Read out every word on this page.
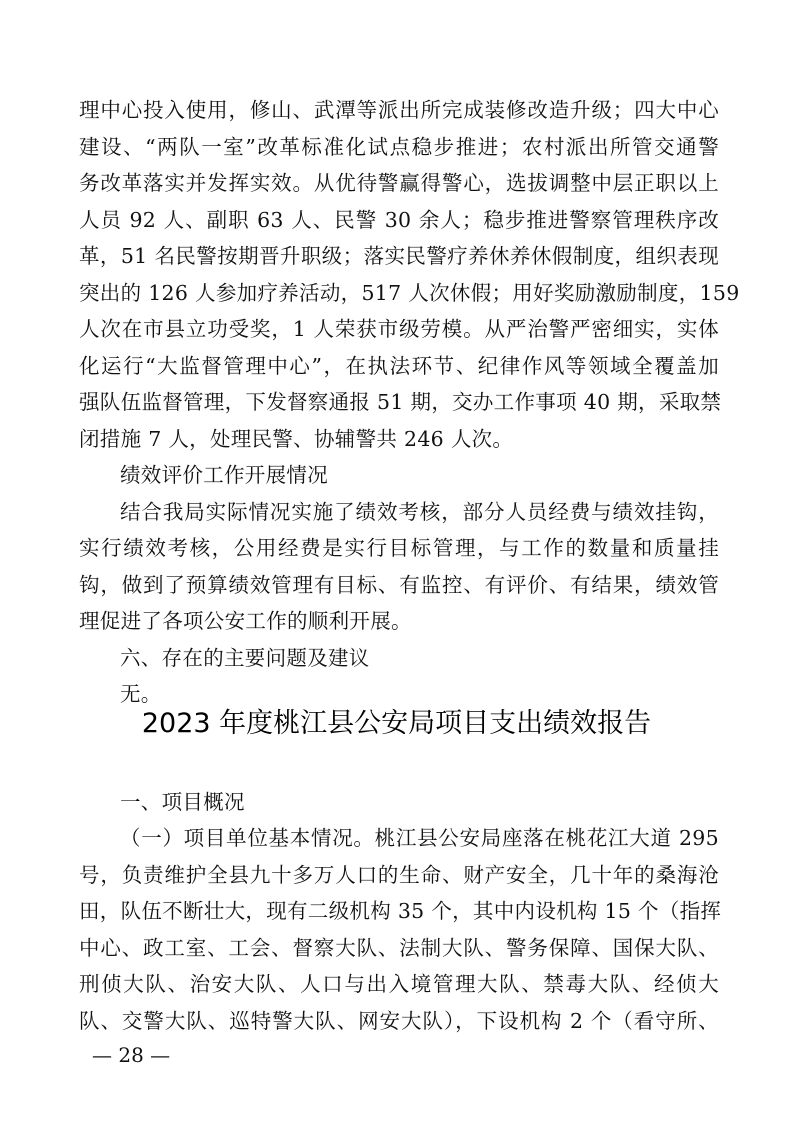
理中心投入使用，修山、武潭等派出所完成装修改造升级；四大中心
建设、“两队一室”改革标准化试点稳步推进；农村派出所管交通警
务改革落实并发挥实效。从优待警赢得警心，选拔调整中层正职以上
人员 92 人、副职 63 人、民警 30 余人；稳步推进警察管理秩序改
革，51 名民警按期晋升职级；落实民警疗养休养休假制度，组织表现
突出的 126 人参加疗养活动，517 人次休假；用好奖励激励制度，159
人次在市县立功受奖，1 人荣获市级劳模。从严治警严密细实，实体
化运行“大监督管理中心”，在执法环节、纪律作风等领域全覆盖加
强队伍监督管理，下发督察通报 51 期，交办工作事项 40 期，采取禁
闭措施 7 人，处理民警、协辅警共 246 人次。
绩效评价工作开展情况
结合我局实际情况实施了绩效考核，部分人员经费与绩效挂钩，
实行绩效考核，公用经费是实行目标管理，与工作的数量和质量挂
钩，做到了预算绩效管理有目标、有监控、有评价、有结果，绩效管
理促进了各项公安工作的顺利开展。
六、存在的主要问题及建议
无。
2023 年度桃江县公安局项目支出绩效报告
一、项目概况
（一）项目单位基本情况。桃江县公安局座落在桃花江大道 295
号，负责维护全县九十多万人口的生命、财产安全，几十年的桑海沧
田，队伍不断壮大，现有二级机构 35 个，其中内设机构 15 个（指挥
中心、政工室、工会、督察大队、法制大队、警务保障、国保大队、
刑侦大队、治安大队、人口与出入境管理大队、禁毒大队、经侦大
队、交警大队、巡特警大队、网安大队），下设机构 2 个（看守所、
— 28 —
